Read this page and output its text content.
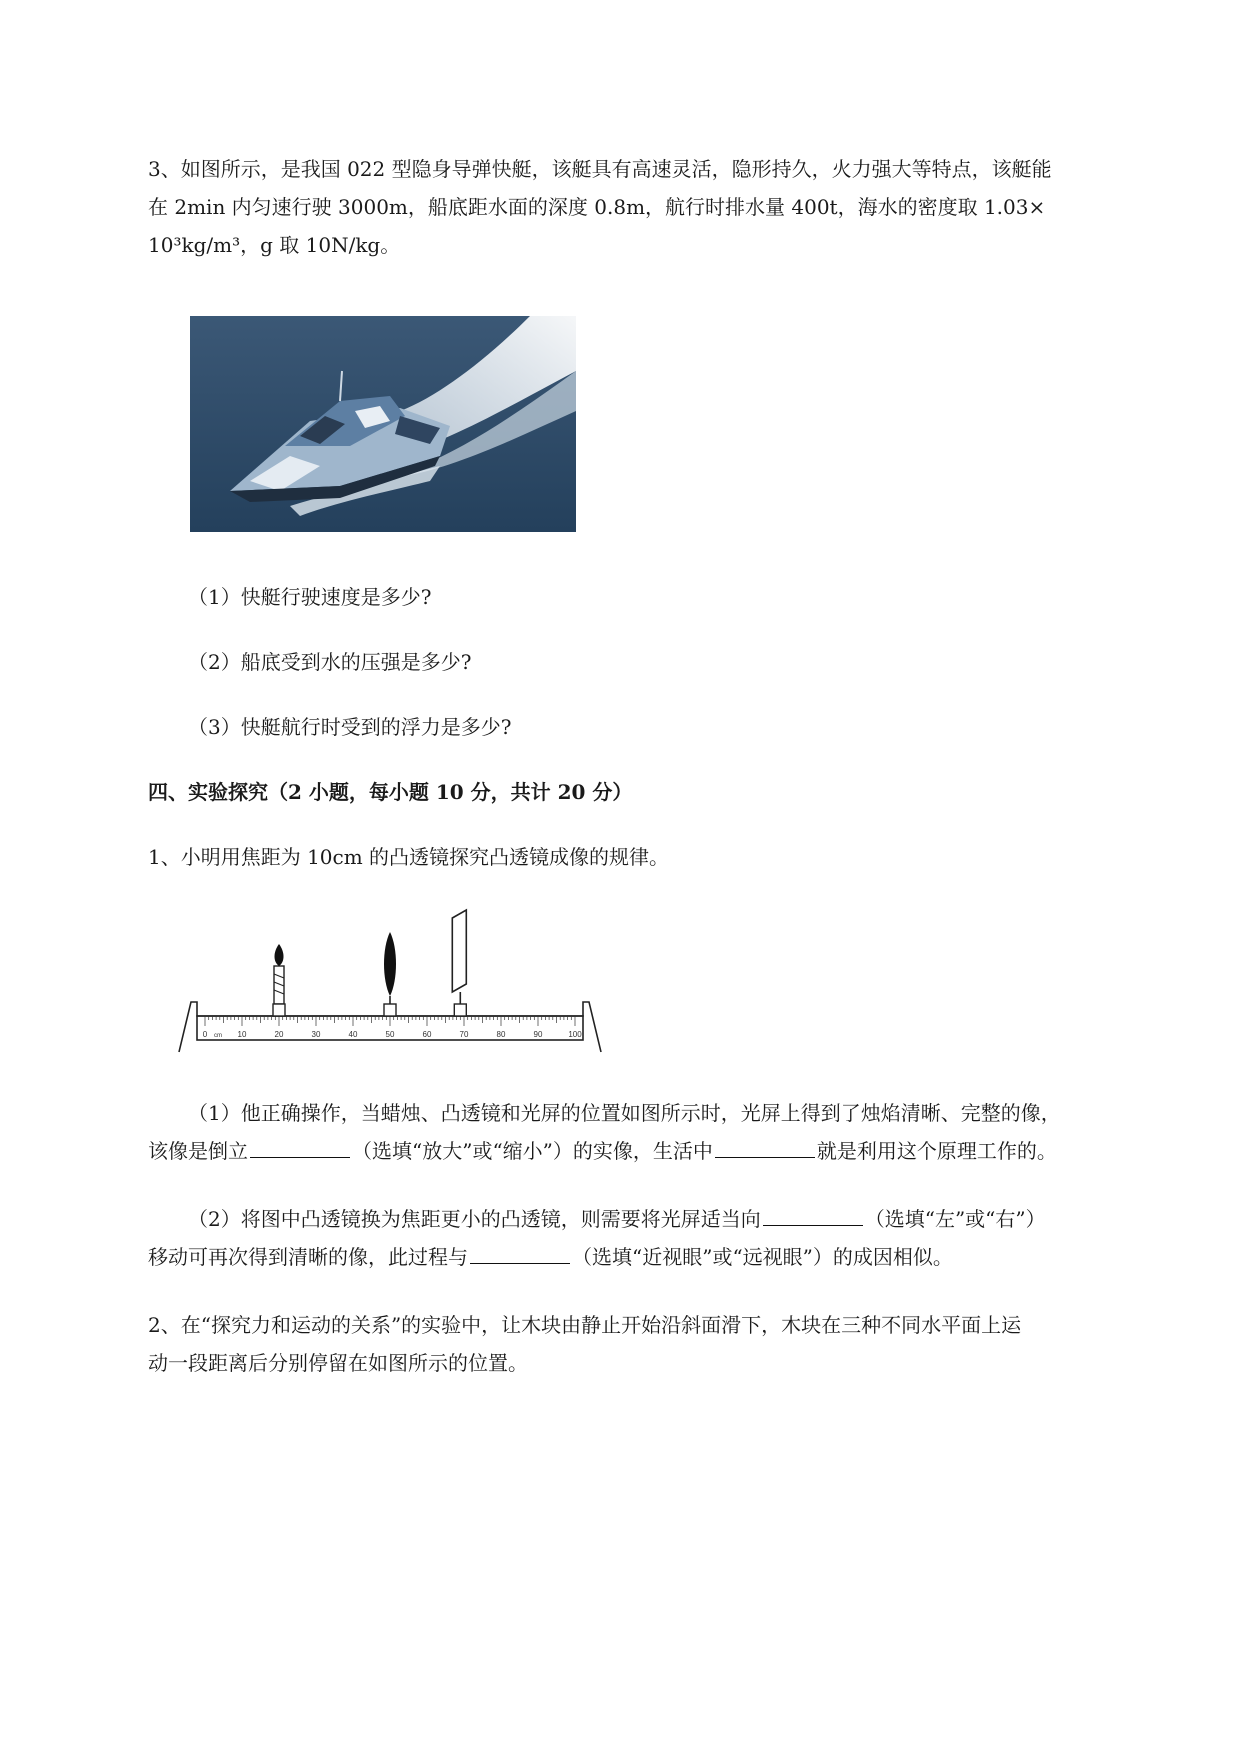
3、如图所示，是我国 022 型隐身导弹快艇，该艇具有高速灵活，隐形持久，火力强大等特点，该艇能
在 2min 内匀速行驶 3000m，船底距水面的深度 0.8m，航行时排水量 400t，海水的密度取 1.03×
10³kg/m³，g 取 10N/kg。
（1）快艇行驶速度是多少?
（2）船底受到水的压强是多少?
（3）快艇航行时受到的浮力是多少?
四、实验探究（2 小题，每小题 10 分，共计 20 分）
1、小明用焦距为 10cm 的凸透镜探究凸透镜成像的规律。
0	10	20	30	40	50	60	70	80	90	100
cm
（1）他正确操作，当蜡烛、凸透镜和光屏的位置如图所示时，光屏上得到了烛焰清晰、完整的像，
该像是倒立	（选填“放大”或“缩小”）的实像，生活中	就是利用这个原理工作的。
（2）将图中凸透镜换为焦距更小的凸透镜，则需要将光屏适当向	（选填“左”或“右”）
移动可再次得到清晰的像，此过程与	（选填“近视眼”或“远视眼”）的成因相似。
2、在“探究力和运动的关系”的实验中，让木块由静止开始沿斜面滑下，木块在三种不同水平面上运
动一段距离后分别停留在如图所示的位置。
